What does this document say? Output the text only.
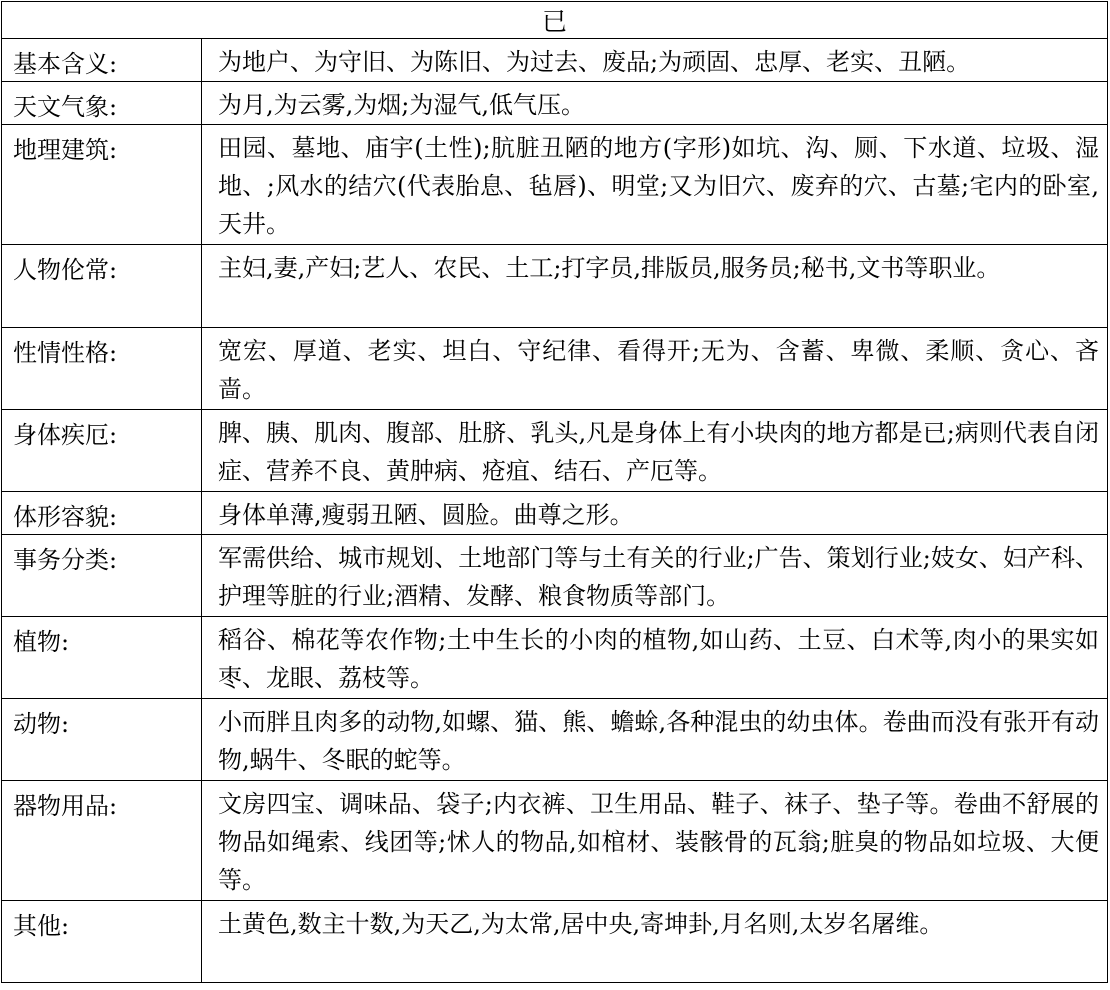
已	
基本含义:	为地户、为守旧、为陈旧、为过去、废品;为顽固、忠厚、老实、丑陋。
天文气象:	为月,为云雾,为烟;为湿气,低气压。
地理建筑:	田园、墓地、庙宇(土性);肮脏丑陋的地方(字形)如坑、沟、厕、下水道、垃圾、湿地、;风水的结穴(代表胎息、毡唇)、明堂;又为旧穴、废弃的穴、古墓;宅内的卧室,天井。
人物伦常:	主妇,妻,产妇;艺人、农民、土工;打字员,排版员,服务员;秘书,文书等职业。
性情性格:	宽宏、厚道、老实、坦白、守纪律、看得开;无为、含蓄、卑微、柔顺、贪心、吝啬。
身体疾厄:	脾、胰、肌肉、腹部、肚脐、乳头,凡是身体上有小块肉的地方都是已;病则代表自闭症、营养不良、黄肿病、疮疽、结石、产厄等。
体形容貌:	身体单薄,瘦弱丑陋、圆脸。曲尊之形。
事务分类:	军需供给、城市规划、土地部门等与土有关的行业;广告、策划行业;妓女、妇产科、护理等脏的行业;酒精、发酵、粮食物质等部门。
植物:	稻谷、棉花等农作物;土中生长的小肉的植物,如山药、土豆、白术等,肉小的果实如枣、龙眼、荔枝等。
动物:	小而胖且肉多的动物,如螺、猫、熊、蟾蜍,各种混虫的幼虫体。卷曲而没有张开有动物,蜗牛、冬眠的蛇等。
器物用品:	文房四宝、调味品、袋子;内衣裤、卫生用品、鞋子、袜子、垫子等。卷曲不舒展的物品如绳索、线团等;怵人的物品,如棺材、装骸骨的瓦翁;脏臭的物品如垃圾、大便等。
其他:	土黄色,数主十数,为天乙,为太常,居中央,寄坤卦,月名则,太岁名屠维。
